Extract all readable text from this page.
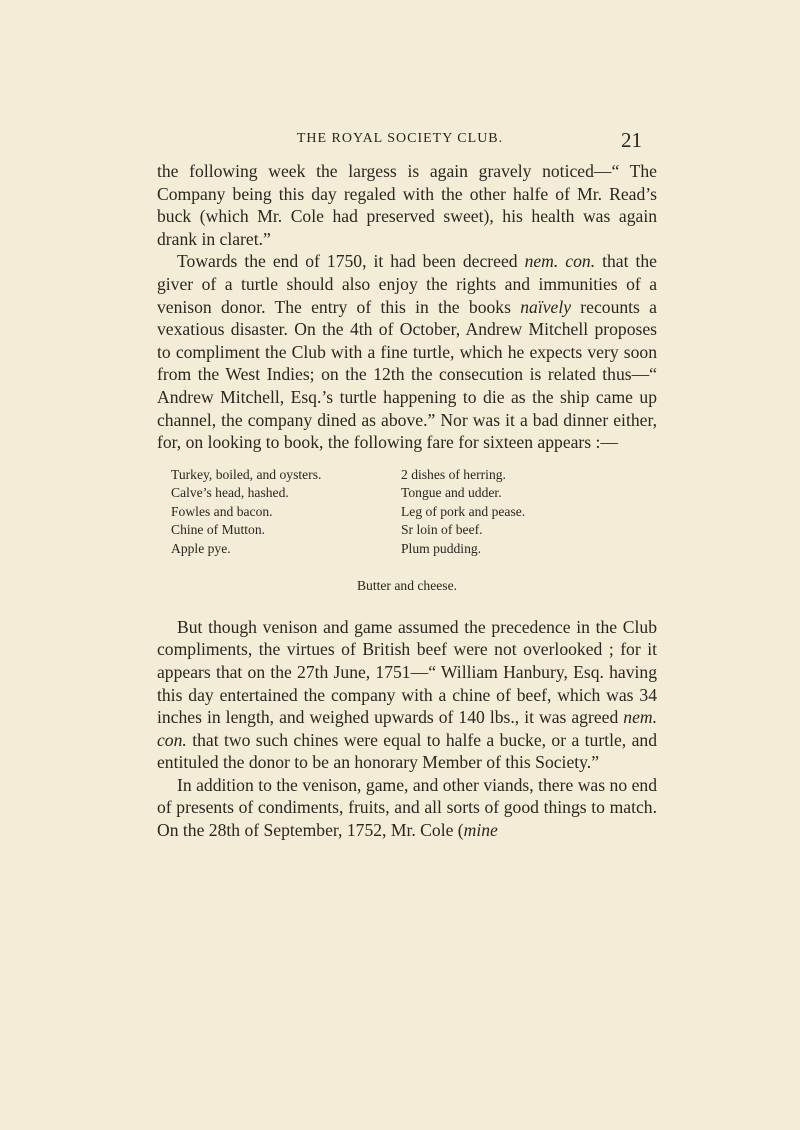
THE ROYAL SOCIETY CLUB.	21

the following week the largess is again gravely noticed—“ The Company being this day regaled with the other halfe of Mr. Read’s buck (which Mr. Cole had preserved sweet), his health was again drank in claret.”

Towards the end of 1750, it had been decreed nem. con. that the giver of a turtle should also enjoy the rights and immunities of a venison donor. The entry of this in the books naïvely recounts a vexatious disaster. On the 4th of October, Andrew Mitchell proposes to compliment the Club with a fine turtle, which he expects very soon from the West Indies; on the 12th the consecution is related thus—“ Andrew Mitchell, Esq.’s turtle happening to die as the ship came up channel, the company dined as above.” Nor was it a bad dinner either, for, on looking to book, the following fare for sixteen appears :—

Turkey, boiled, and oysters.
Calve’s head, hashed.
Fowles and bacon.
Chine of Mutton.
Apple pye.
2 dishes of herring.
Tongue and udder.
Leg of pork and pease.
Sr loin of beef.
Plum pudding.
Butter and cheese.

But though venison and game assumed the precedence in the Club compliments, the virtues of British beef were not overlooked ; for it appears that on the 27th June, 1751—“ William Hanbury, Esq. having this day entertained the company with a chine of beef, which was 34 inches in length, and weighed upwards of 140 lbs., it was agreed nem. con. that two such chines were equal to halfe a bucke, or a turtle, and entituled the donor to be an honorary Member of this Society.”

In addition to the venison, game, and other viands, there was no end of presents of condiments, fruits, and all sorts of good things to match. On the 28th of September, 1752, Mr. Cole (mine
